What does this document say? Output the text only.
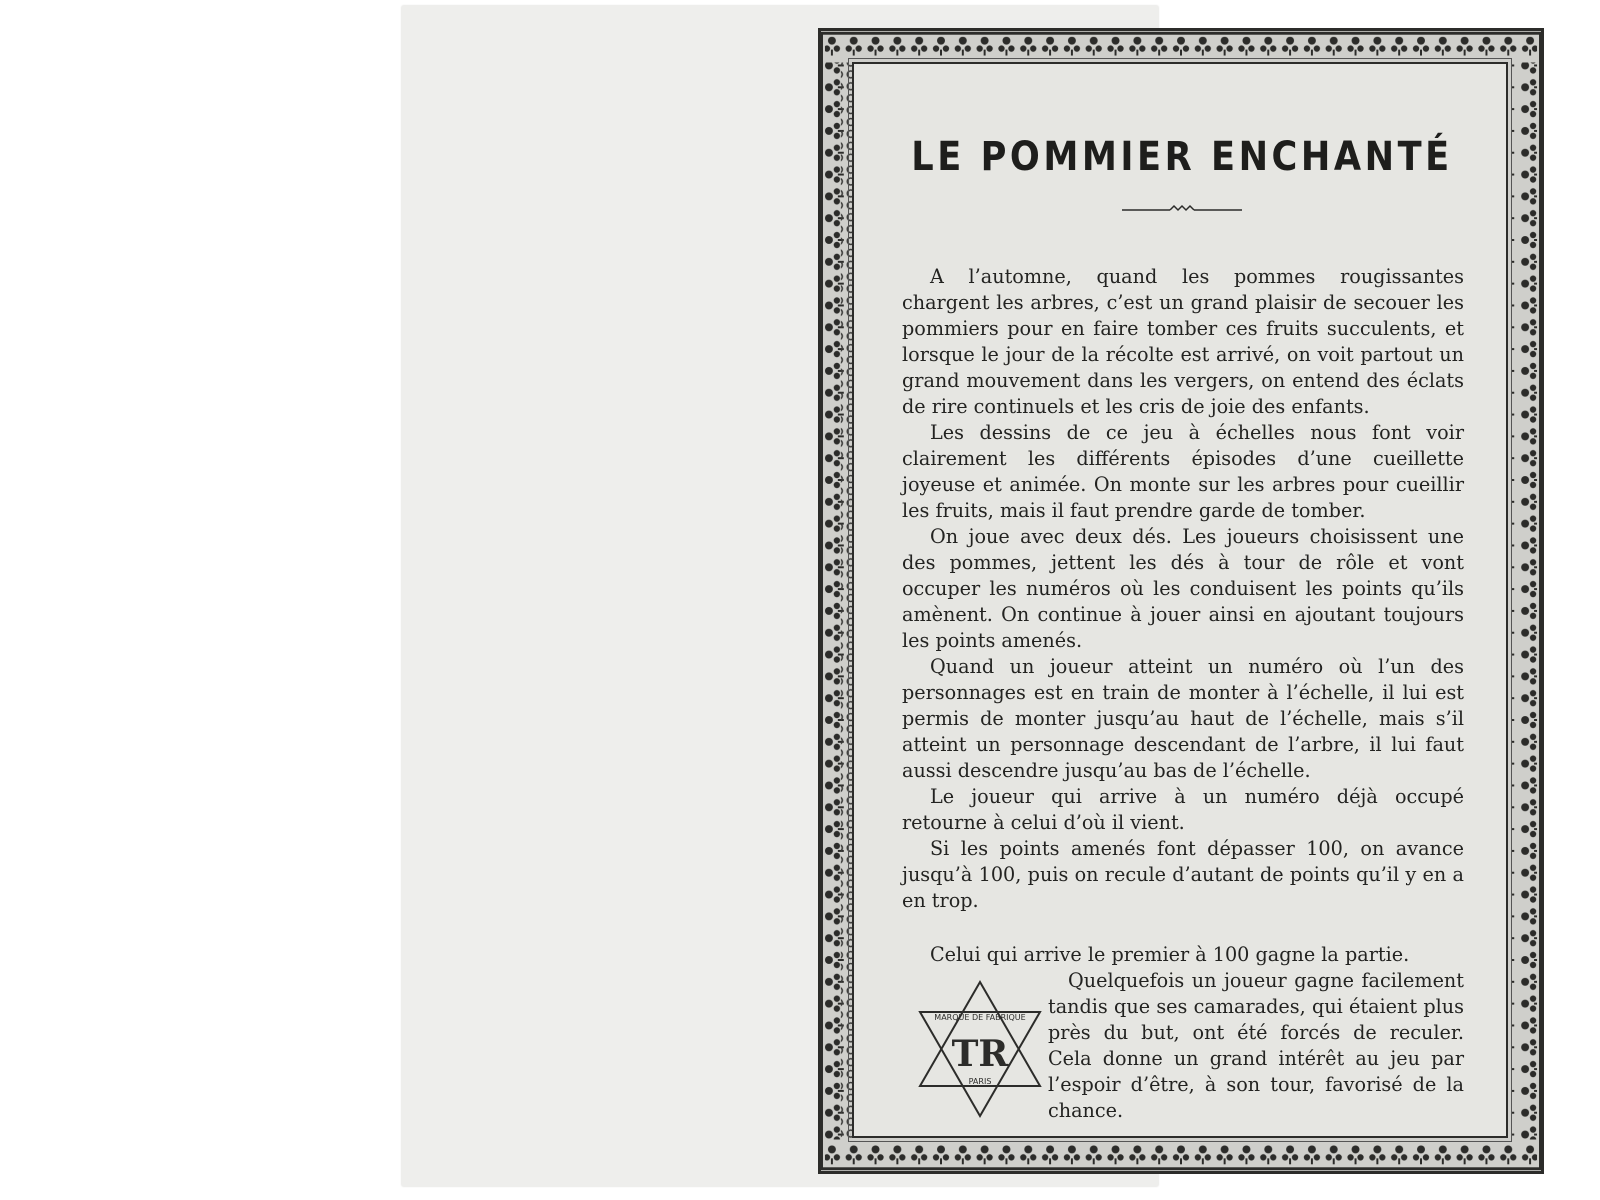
LE POMMIER ENCHANTÉ

A l’automne, quand les pommes rougissantes chargent les arbres, c’est un grand plaisir de secouer les pommiers pour en faire tomber ces fruits succulents, et lorsque le jour de la récolte est arrivé, on voit partout un grand mouvement dans les vergers, on entend des éclats de rire continuels et les cris de joie des enfants.

Les dessins de ce jeu à échelles nous font voir clairement les différents épisodes d’une cueillette joyeuse et animée. On monte sur les arbres pour cueillir les fruits, mais il faut prendre garde de tomber.

On joue avec deux dés. Les joueurs choisissent une des pommes, jettent les dés à tour de rôle et vont occuper les numéros où les conduisent les points qu’ils amènent. On continue à jouer ainsi en ajoutant toujours les points amenés.

Quand un joueur atteint un numéro où l’un des personnages est en train de monter à l’échelle, il lui est permis de monter jusqu’au haut de l’échelle, mais s’il atteint un personnage descendant de l’arbre, il lui faut aussi descendre jusqu’au bas de l’échelle.

Le joueur qui arrive à un numéro déjà occupé retourne à celui d’où il vient.

Si les points amenés font dépasser 100, on avance jusqu’à 100, puis on recule d’autant de points qu’il y en a en trop.

Celui qui arrive le premier à 100 gagne la partie.

Quelquefois un joueur gagne facilement tandis que ses camarades, qui étaient plus près du but, ont été forcés de reculer. Cela donne un grand intérêt au jeu par l’espoir d’être, à son tour, favorisé de la chance.

MARQUE DE FABRIQUE
TR
PARIS
